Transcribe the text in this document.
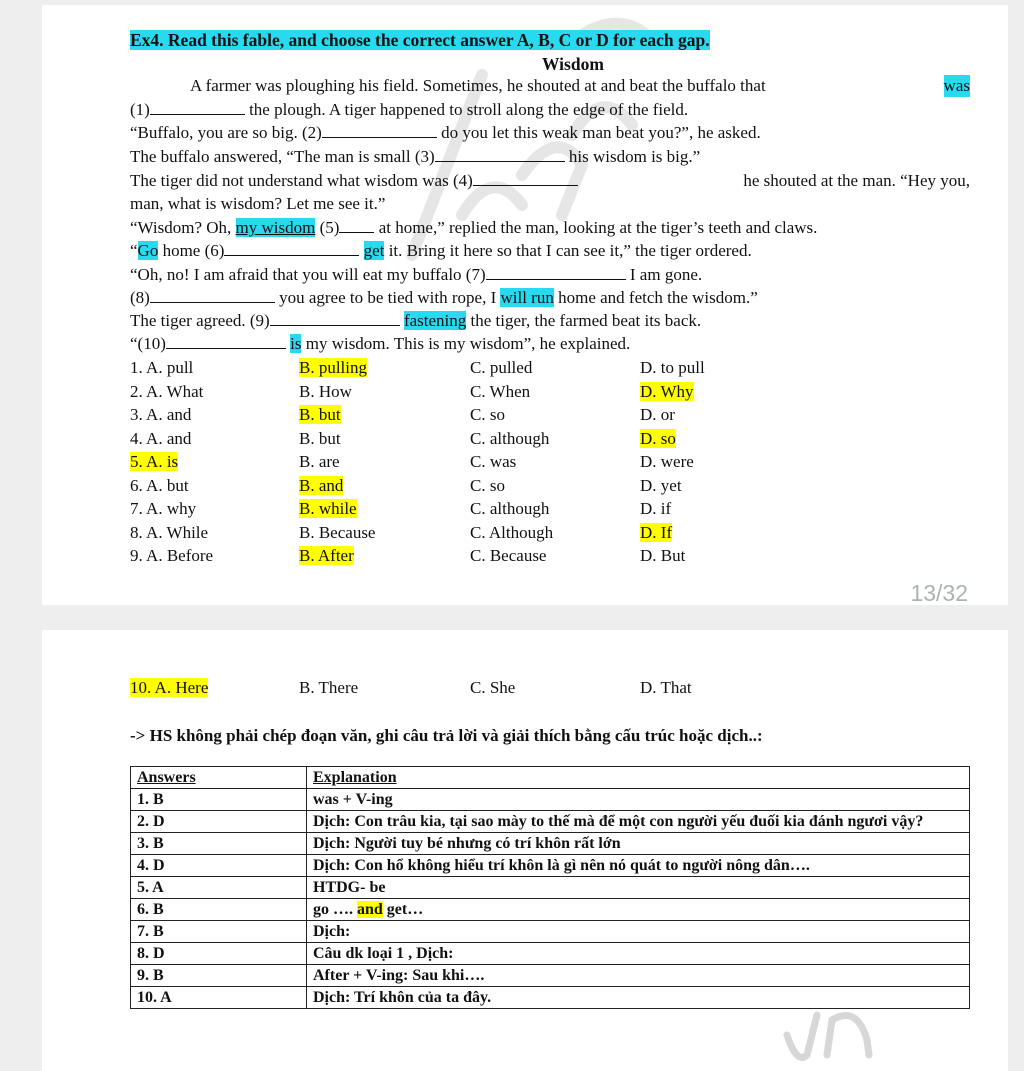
Ex4. Read this fable, and choose the correct answer A, B, C or D for each gap.
Wisdom
A farmer was ploughing his field. Sometimes, he shouted at and beat the buffalo that	was
(1)	the plough. A tiger happened to stroll along the edge of the field.
“Buffalo, you are so big. (2)	do you let this weak man beat you?”, he asked.
The buffalo answered, “The man is small (3)	his wisdom is big.”
The tiger did not understand what wisdom was (4)	he shouted at the man. “Hey you,
man, what is wisdom? Let me see it.”
“Wisdom? Oh, my wisdom (5) at home,” replied the man, looking at the tiger’s teeth and claws.
“Go home (6)	get it. Bring it here so that I can see it,” the tiger ordered.
“Oh, no! I am afraid that you will eat my buffalo (7)	I am gone.
(8)	you agree to be tied with rope, I will run home and fetch the wisdom.”
The tiger agreed. (9)	fastening the tiger, the farmed beat its back.
“(10)	is my wisdom. This is my wisdom”, he explained.
1. A. pull	B. pulling	C. pulled	D. to pull
2. A. What	B. How	C. When	D. Why
3. A. and	B. but	C. so	D. or
4. A. and	B. but	C. although	D. so
5. A. is	B. are	C. was	D. were
6. A. but	B. and	C. so	D. yet
7. A. why	B. while	C. although	D. if
8. A. While	B. Because	C. Although	D. If
9. A. Before	B. After	C. Because	D. But
13/32
10. A. Here	B. There	C. She	D. That
-> HS không phải chép đoạn văn, ghi câu trả lời và giải thích bằng cấu trúc hoặc dịch..:
Answers	Explanation
1. B	was + V-ing
2. D	Dịch: Con trâu kia, tại sao mày to thế mà để một con người yếu đuối kia đánh ngươi vậy?
3. B	Dịch: Người tuy bé nhưng có trí khôn rất lớn
4. D	Dịch: Con hổ không hiểu trí khôn là gì nên nó quát to người nông dân….
5. A	HTDG- be
6. B	go …. and get…
7. B	Dịch:
8. D	Câu dk loại 1 , Dịch:
9. B	After + V-ing: Sau khi….
10. A	Dịch: Trí khôn của ta đây.
